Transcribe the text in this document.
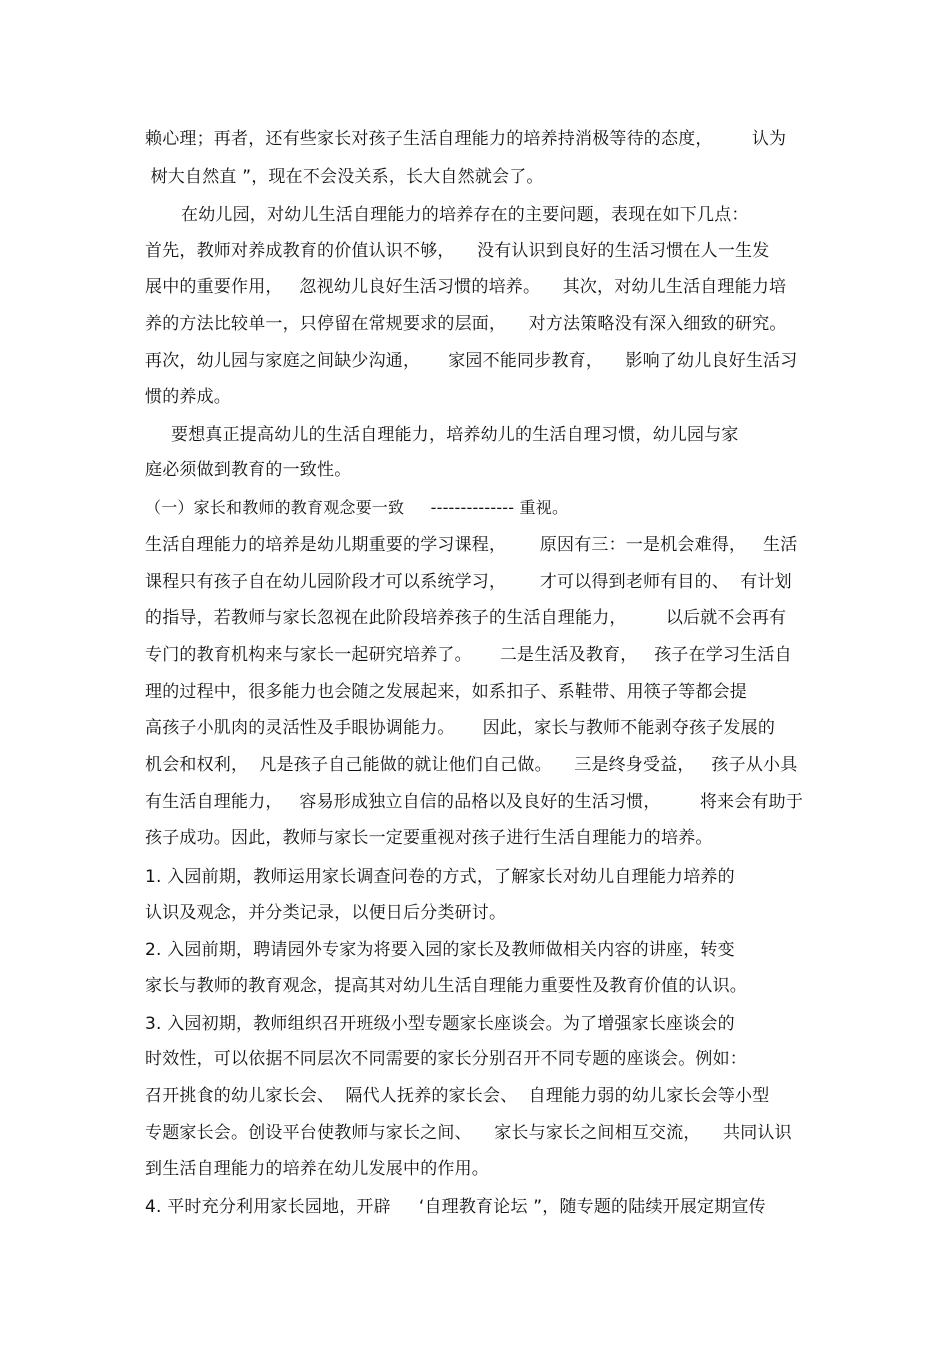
赖心理；再者，还有些家长对孩子生活自理能力的培养持消极等待的态度，       认为
树大自然直 ”，现在不会没关系，长大自然就会了。
在幼儿园，对幼儿生活自理能力的培养存在的主要问题，表现在如下几点：
首先，教师对养成教育的价值认识不够，    没有认识到良好的生活习惯在人一生发
展中的重要作用，   忽视幼儿良好生活习惯的培养。    其次，对幼儿生活自理能力培
养的方法比较单一，只停留在常规要求的层面，    对方法策略没有深入细致的研究。
再次，幼儿园与家庭之间缺少沟通，     家园不能同步教育，    影响了幼儿良好生活习
惯的养成。
要想真正提高幼儿的生活自理能力，培养幼儿的生活自理习惯，幼儿园与家
庭必须做到教育的一致性。
（一）家长和教师的教育观念要一致     -------------- 重视。
生活自理能力的培养是幼儿期重要的学习课程，      原因有三：一是机会难得，   生活
课程只有孩子自在幼儿园阶段才可以系统学习，      才可以得到老师有目的、  有计划
的指导，若教师与家长忽视在此阶段培养孩子的生活自理能力，       以后就不会再有
专门的教育机构来与家长一起研究培养了。     二是生活及教育，   孩子在学习生活自
理的过程中，很多能力也会随之发展起来，如系扣子、系鞋带、用筷子等都会提
高孩子小肌肉的灵活性及手眼协调能力。     因此，家长与教师不能剥夺孩子发展的
机会和权利，  凡是孩子自己能做的就让他们自己做。    三是终身受益，   孩子从小具
有生活自理能力，   容易形成独立自信的品格以及良好的生活习惯，       将来会有助于
孩子成功。因此，教师与家长一定要重视对孩子进行生活自理能力的培养。
1. 入园前期，教师运用家长调查问卷的方式，了解家长对幼儿自理能力培养的
认识及观念，并分类记录，以便日后分类研讨。
2. 入园前期，聘请园外专家为将要入园的家长及教师做相关内容的讲座，转变
家长与教师的教育观念，提高其对幼儿生活自理能力重要性及教育价值的认识。
3. 入园初期，教师组织召开班级小型专题家长座谈会。为了增强家长座谈会的
时效性，可以依据不同层次不同需要的家长分别召开不同专题的座谈会。例如：
召开挑食的幼儿家长会、  隔代人抚养的家长会、  自理能力弱的幼儿家长会等小型
专题家长会。创设平台使教师与家长之间、    家长与家长之间相互交流，    共同认识
到生活自理能力的培养在幼儿发展中的作用。
4. 平时充分利用家长园地，开辟     ‘自理教育论坛 ”，随专题的陆续开展定期宣传
